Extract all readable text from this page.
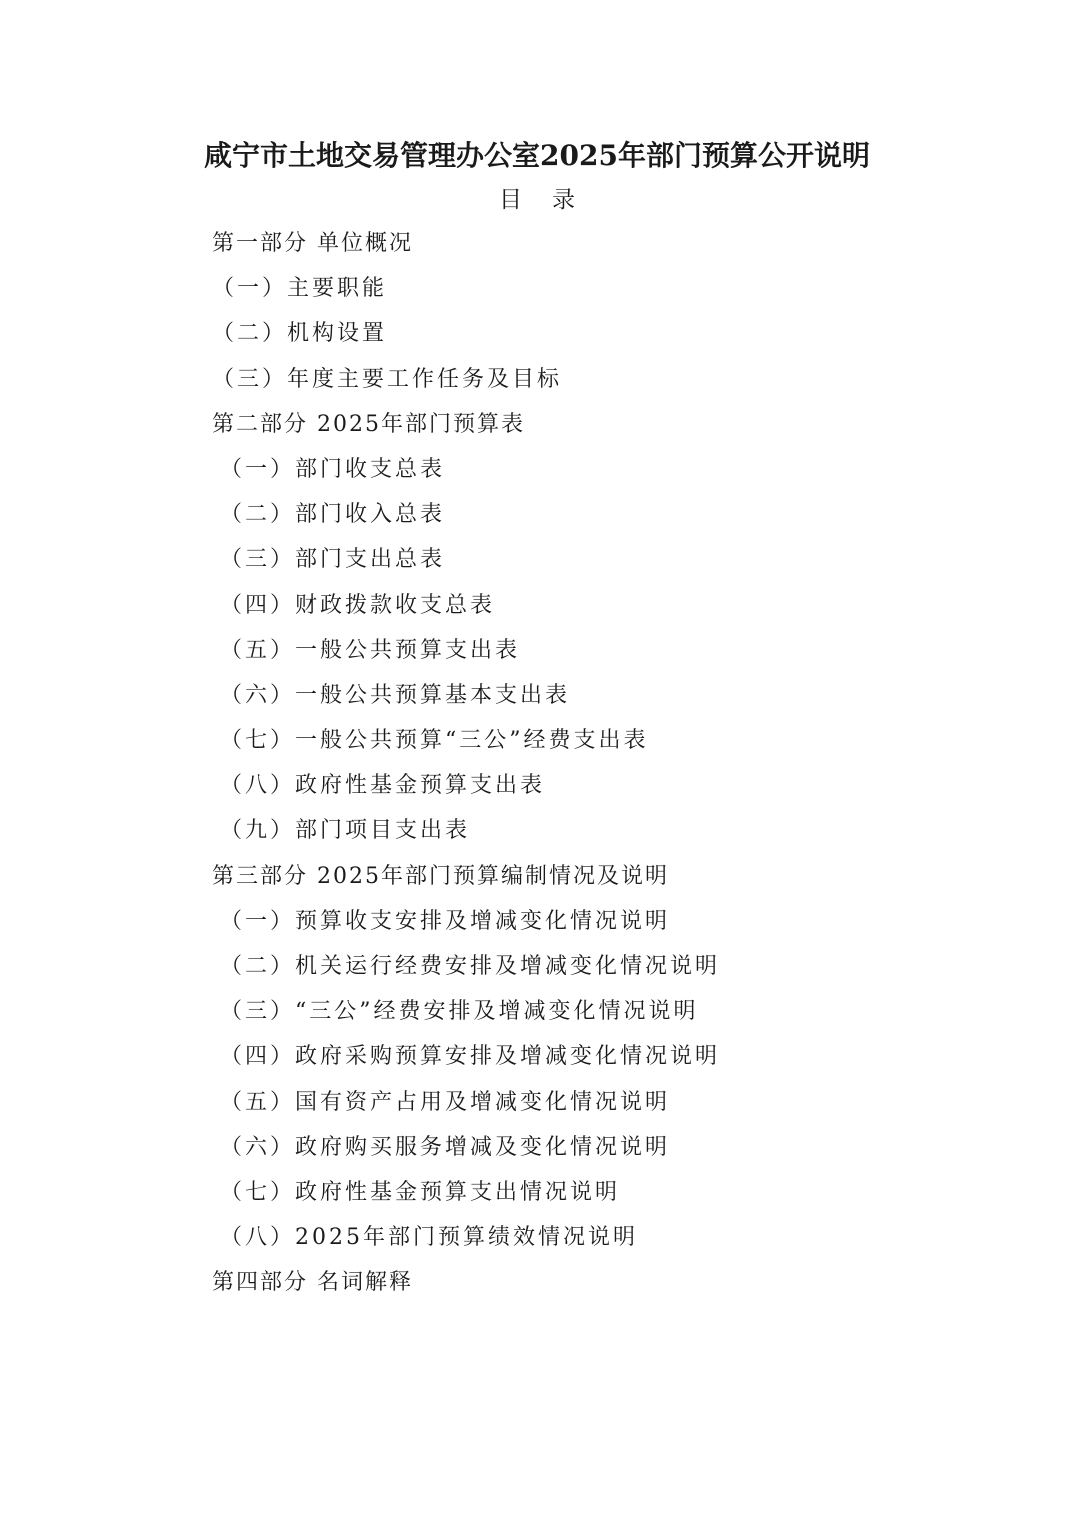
咸宁市土地交易管理办公室2025年部门预算公开说明
目 录
第一部分 单位概况
（一）主要职能
（二）机构设置
（三）年度主要工作任务及目标
第二部分 2025年部门预算表
（一）部门收支总表
（二）部门收入总表
（三）部门支出总表
（四）财政拨款收支总表
（五）一般公共预算支出表
（六）一般公共预算基本支出表
（七）一般公共预算“三公”经费支出表
（八）政府性基金预算支出表
（九）部门项目支出表
第三部分 2025年部门预算编制情况及说明
（一）预算收支安排及增减变化情况说明
（二）机关运行经费安排及增减变化情况说明
（三）“三公”经费安排及增减变化情况说明
（四）政府采购预算安排及增减变化情况说明
（五）国有资产占用及增减变化情况说明
（六）政府购买服务增减及变化情况说明
（七）政府性基金预算支出情况说明
（八）2025年部门预算绩效情况说明
第四部分 名词解释
